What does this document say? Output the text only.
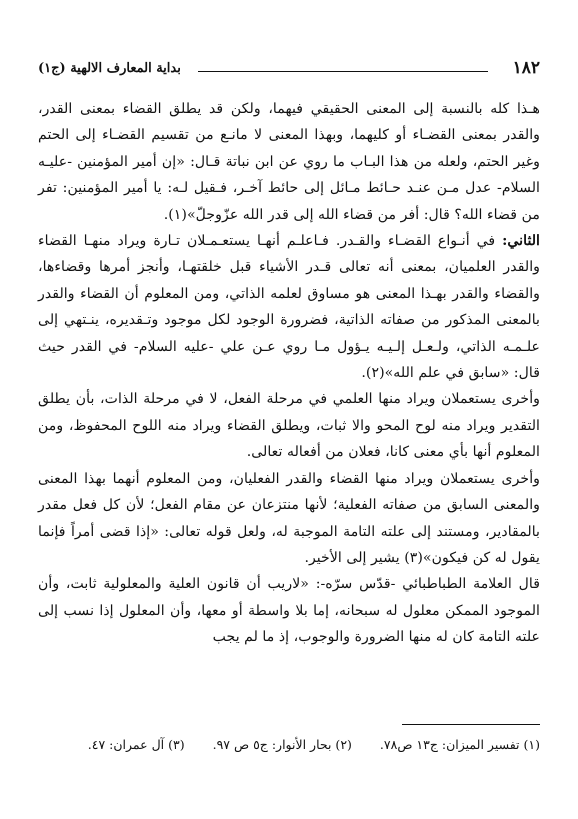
١٨٢
بداية المعارف الالهية (ج١)

هـذا كله بالنسبة إلى المعنى الحقيقي فيهما، ولكن قد يطلق القضاء بمعنى القدر، والقدر بمعنى القضـاء أو كليهما، وبهذا المعنى لا مانـع من تقسيم القضـاء إلى الحتم وغير الحتم، ولعله من هذا البـاب ما روي عن ابن نباتة قـال: «إن أمير المؤمنين -عليـه السلام- عدل مـن عنـد حـائط مـائل إلى حائط آخـر، فـقيل لـه: يا أمير المؤمنين: تفر من قضاء الله؟ قال: أفر من قضاء الله إلى قدر الله عزّوجلّ»(١).

الثاني: في أنـواع القضـاء والقـدر. فـاعلـم أنهـا يستعـمـلان تـارة ويراد منهـا القضاء والقدر العلميان، بمعنى أنه تعالى قـدر الأشياء قبل خلقتهـا، وأنجز أمرها وقضاءها، والقضاء والقدر بهـذا المعنى هو مساوق لعلمه الذاتي، ومن المعلوم أن القضاء والقدر بالمعنى المذكور من صفاته الذاتية، فضرورة الوجود لكل موجود وتـقديره، ينـتهي إلى علـمـه الذاتي، ولـعـل إلـيـه يـؤول مـا روي عـن علي -عليه السلام- في القدر حيث قال: «سابق في علم الله»(٢).

وأخرى يستعملان ويراد منها العلمي في مرحلة الفعل، لا في مرحلة الذات، بأن يطلق التقدير ويراد منه لوح المحو والا ثبات، ويطلق القضاء ويراد منه اللوح المحفوظ، ومن المعلوم أنها بأي معنى كانا، فعلان من أفعاله تعالى.

وأخرى يستعملان ويراد منها القضاء والقدر الفعليان، ومن المعلوم أنهما بهذا المعنى والمعنى السابق من صفاته الفعلية؛ لأنها منتزعان عن مقام الفعل؛ لأن كل فعل مقدر بالمقادير، ومستند إلى علته التامة الموجبة له، ولعل قوله تعالى: «إذا قضى أمراً فإنما يقول له كن فيكون»(٣) يشير إلى الأخير.

قال العلامة الطباطبائي -قدّس سرّه-: «لاريب أن قانون العلية والمعلولية ثابت، وأن الموجود الممكن معلول له سبحانه، إما بلا واسطة أو معها، وأن المعلول إذا نسب إلى علته التامة كان له منها الضرورة والوجوب، إذ ما لم يجب

(١) تفسير الميزان: ج١٣ ص٧٨. (٢) بحار الأنوار: ج٥ ص ٩٧. (٣) آل عمران: ٤٧.
